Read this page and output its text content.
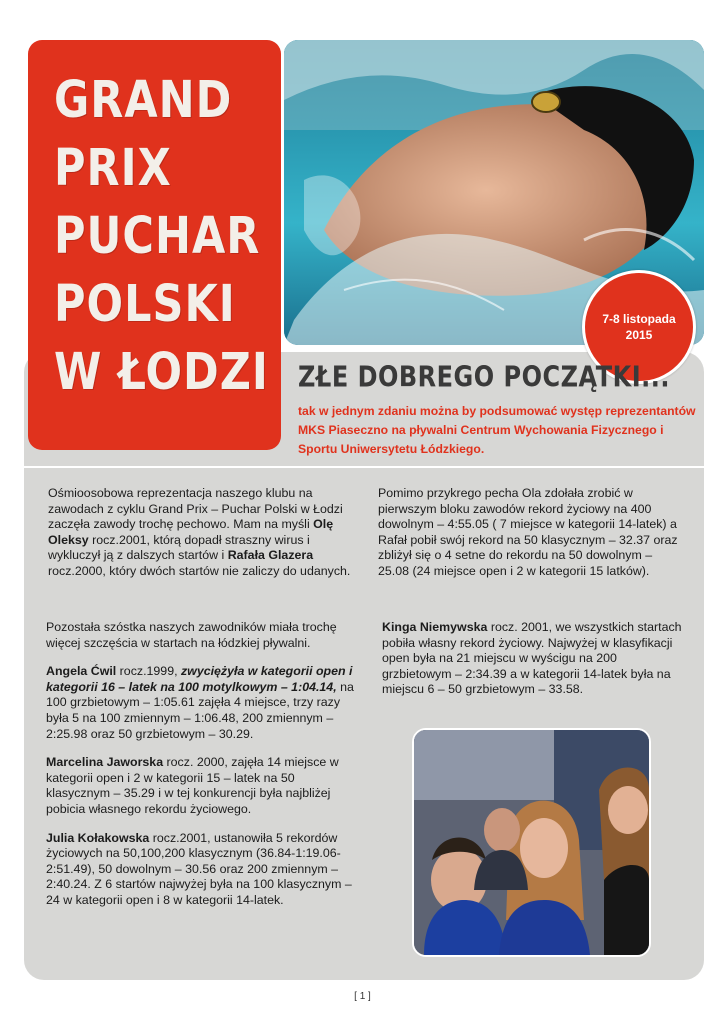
GRAND
PRIX
PUCHAR
POLSKI
W ŁODZI
7-8 listopada
2015
ZŁE DOBREGO POCZĄTKI...
tak w jednym zdaniu można by podsumować występ reprezentantów MKS Piaseczno na pływalni Centrum Wychowania Fizycznego i Sportu Uniwersytetu Łódzkiego.

Ośmioosobowa reprezentacja naszego klubu na zawodach z cyklu Grand Prix – Puchar Polski w Łodzi zaczęła zawody trochę pechowo. Mam na myśli Olę Oleksy rocz.2001, którą dopadł straszny wirus i wykluczył ją z dalszych startów i Rafała Glazera rocz.2000, który dwóch startów nie zaliczy do udanych.

Pomimo przykrego pecha Ola zdołała zrobić w pierwszym bloku zawodów rekord życiowy na 400 dowolnym – 4:55.05 ( 7 miejsce w kategorii 14-latek) a Rafał pobił swój rekord na 50 klasycznym – 32.37 oraz zbliżył się o 4 setne do rekordu na 50 dowolnym – 25.08 (24 miejsce open i 2 w kategorii 15 latków).

Pozostała szóstka naszych zawodników miała trochę więcej szczęścia w startach na łódzkiej pływalni.

Angela Ćwil rocz.1999, zwyciężyła w kategorii open i kategorii 16 – latek na 100 motylkowym – 1:04.14, na 100 grzbietowym – 1:05.61 zajęła 4 miejsce, trzy razy była 5 na 100 zmiennym – 1:06.48, 200 zmiennym – 2:25.98 oraz 50 grzbietowym – 30.29.

Marcelina Jaworska rocz. 2000, zajęła 14 miejsce w kategorii open i 2 w kategorii 15 – latek na 50 klasycznym – 35.29 i w tej konkurencji była najbliżej pobicia własnego rekordu życiowego.

Julia Kołakowska rocz.2001, ustanowiła 5 rekordów życiowych na 50,100,200 klasycznym (36.84-1:19.06-2:51.49), 50 dowolnym – 30.56 oraz 200 zmiennym – 2:40.24. Z 6 startów najwyżej była na 100 klasycznym – 24 w kategorii open i 8 w kategorii 14-latek.

Kinga Niemywska rocz. 2001, we wszystkich startach pobiła własny rekord życiowy. Najwyżej w klasyfikacji open była na 21 miejscu w wyścigu na 200 grzbietowym – 2:34.39 a w kategorii 14-latek była na miejscu 6 – 50 grzbietowym – 33.58.

[ 1 ]
